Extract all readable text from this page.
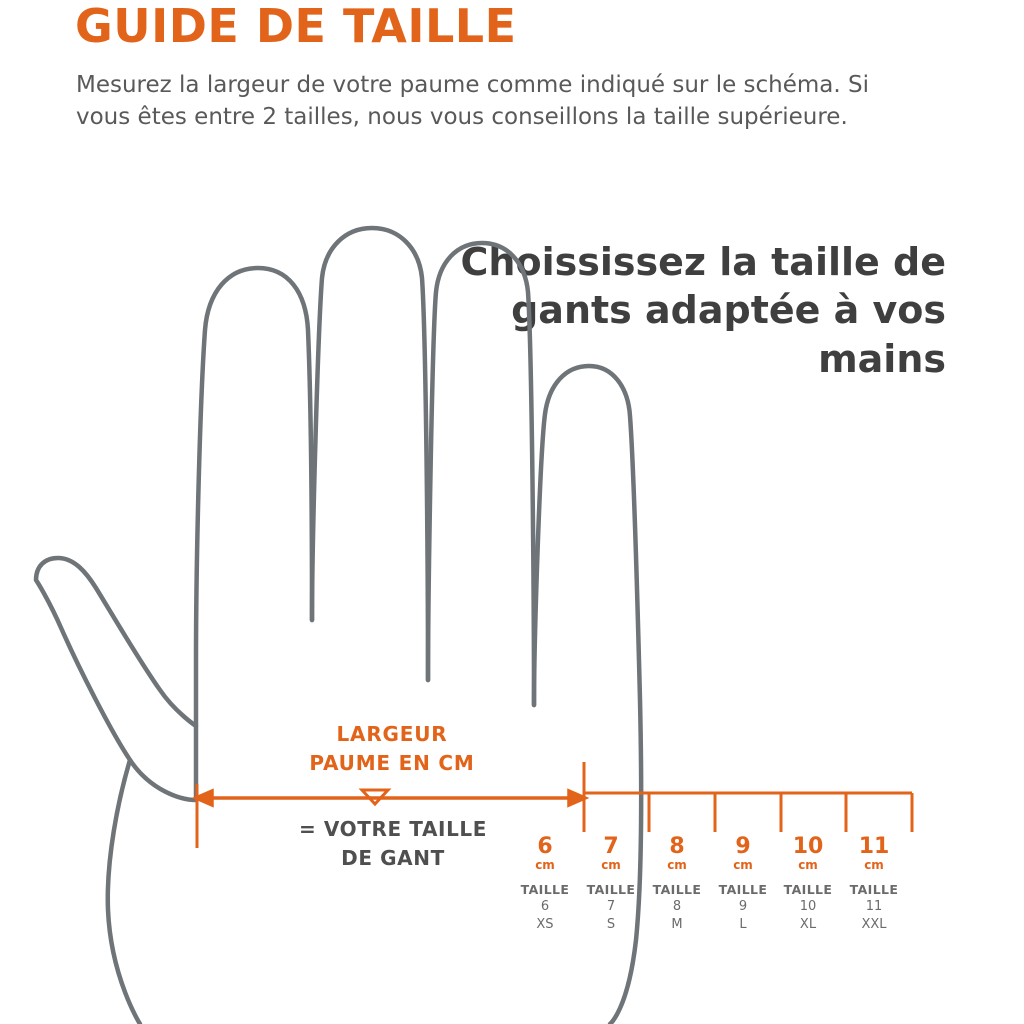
GUIDE DE TAILLE
Mesurez la largeur de votre paume comme indiqué sur le schéma. Si vous êtes entre 2 tailles, nous vous conseillons la taille supérieure.
Choississez la taille de gants adaptée à vos mains
LARGEUR
PAUME EN CM
= VOTRE TAILLE
DE GANT	6
cm
TAILLE
6
XS
7
cm
TAILLE
7
S
8
cm
TAILLE
8
M
9
cm
TAILLE
9
L
10
cm
TAILLE
10
XL
11
cm
TAILLE
11
XXL
